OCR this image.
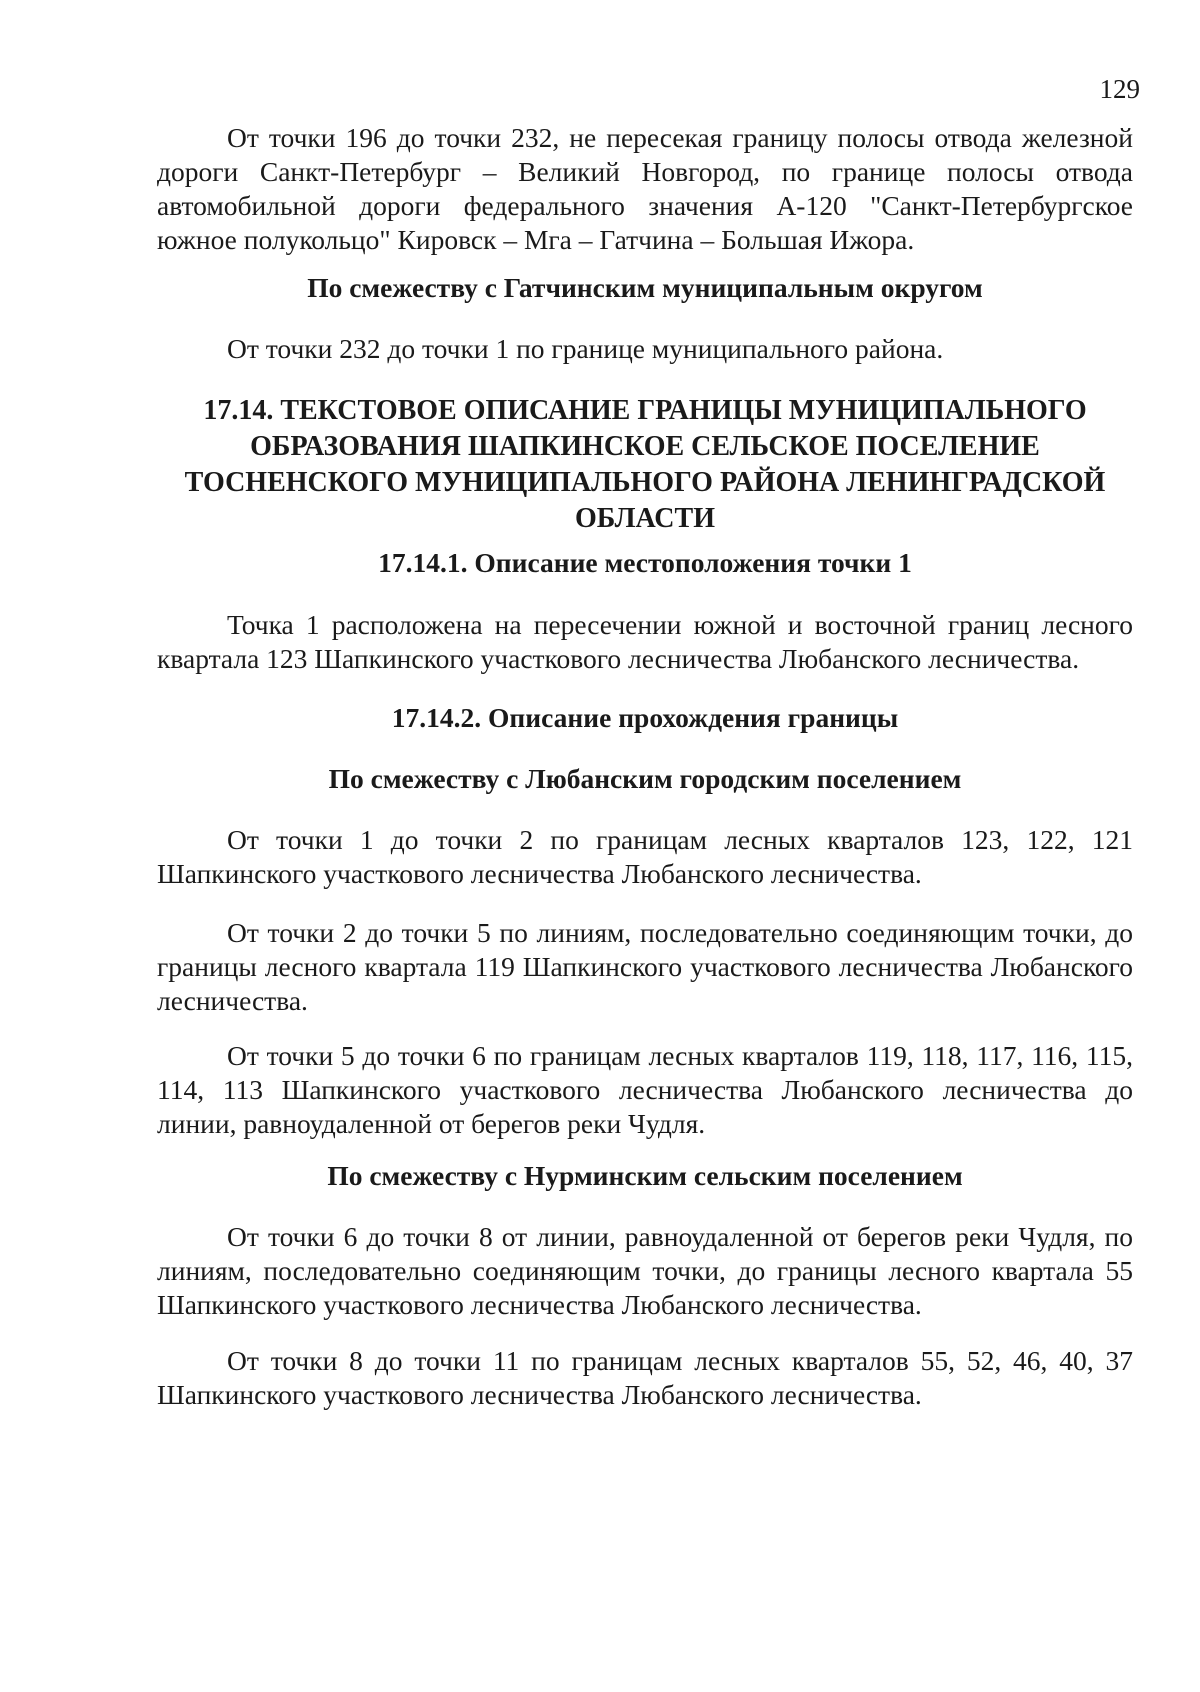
129

От точки 196 до точки 232, не пересекая границу полосы отвода железной дороги Санкт-Петербург – Великий Новгород, по границе полосы отвода автомобильной дороги федерального значения А-120 "Санкт-Петербургское южное полукольцо" Кировск – Мга – Гатчина – Большая Ижора.

По смежеству с Гатчинским муниципальным округом

От точки 232 до точки 1 по границе муниципального района.

17.14. ТЕКСТОВОЕ ОПИСАНИЕ ГРАНИЦЫ МУНИЦИПАЛЬНОГО ОБРАЗОВАНИЯ ШАПКИНСКОЕ СЕЛЬСКОЕ ПОСЕЛЕНИЕ ТОСНЕНСКОГО МУНИЦИПАЛЬНОГО РАЙОНА ЛЕНИНГРАДСКОЙ ОБЛАСТИ

17.14.1. Описание местоположения точки 1

Точка 1 расположена на пересечении южной и восточной границ лесного квартала 123 Шапкинского участкового лесничества Любанского лесничества.

17.14.2. Описание прохождения границы

По смежеству с Любанским городским поселением

От точки 1 до точки 2 по границам лесных кварталов 123, 122, 121 Шапкинского участкового лесничества Любанского лесничества.

От точки 2 до точки 5 по линиям, последовательно соединяющим точки, до границы лесного квартала 119 Шапкинского участкового лесничества Любанского лесничества.

От точки 5 до точки 6 по границам лесных кварталов 119, 118, 117, 116, 115, 114, 113 Шапкинского участкового лесничества Любанского лесничества до линии, равноудаленной от берегов реки Чудля.

По смежеству с Нурминским сельским поселением

От точки 6 до точки 8 от линии, равноудаленной от берегов реки Чудля, по линиям, последовательно соединяющим точки, до границы лесного квартала 55 Шапкинского участкового лесничества Любанского лесничества.

От точки 8 до точки 11 по границам лесных кварталов 55, 52, 46, 40, 37 Шапкинского участкового лесничества Любанского лесничества.
